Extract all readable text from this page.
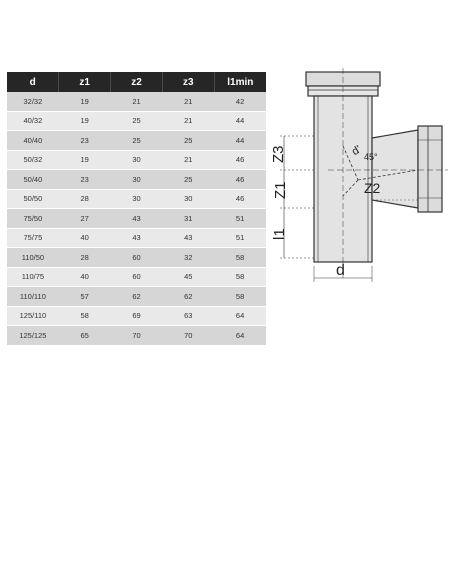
d	z1	z2	z3	l1min
32/32	19	21	21	42
40/32	19	25	21	44
40/40	23	25	25	44
50/32	19	30	21	46
50/40	23	30	25	46
50/50	28	30	30	46
75/50	27	43	31	51
75/75	40	43	43	51
110/50	28	60	32	58
110/75	40	60	45	58
110/110	57	62	62	58
125/110	58	69	63	64
125/125	65	70	70	64
Z3
Z1
l1
Z2
d
d' 45°
